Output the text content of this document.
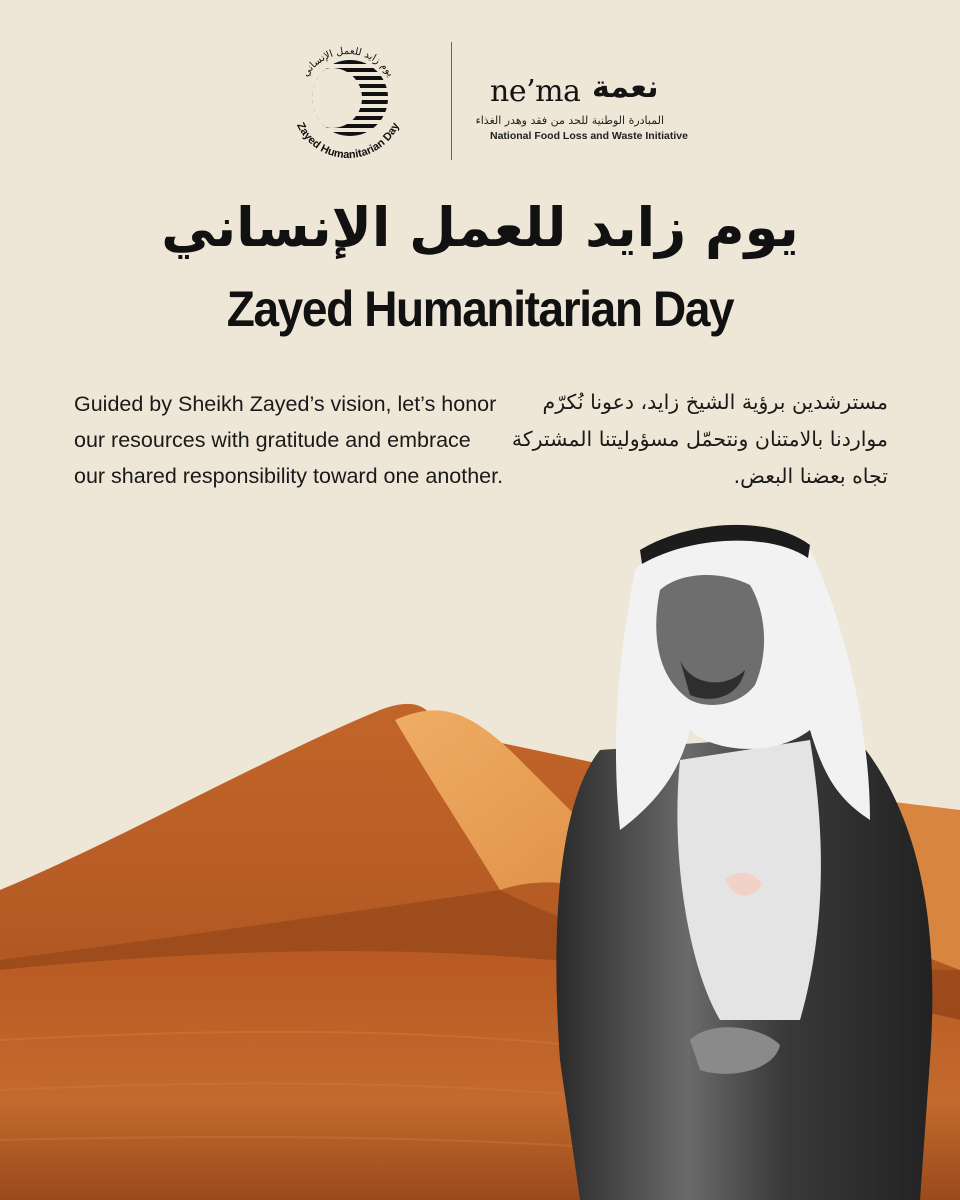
يوم زايد للعمل الإنساني
Zayed Humanitarian Day
ne’ma نعمة
المبادرة الوطنية للحد من فقد وهدر الغذاء
National Food Loss and Waste Initiative
يوم زايد للعمل الإنساني
Zayed Humanitarian Day

Guided by Sheikh Zayed’s vision, let’s honor our resources with gratitude and embrace our shared responsibility toward one another.

مسترشدين برؤية الشيخ زايد، دعونا نُكرّم مواردنا بالامتنان ونتحمّل مسؤوليتنا المشتركة تجاه بعضنا البعض.
